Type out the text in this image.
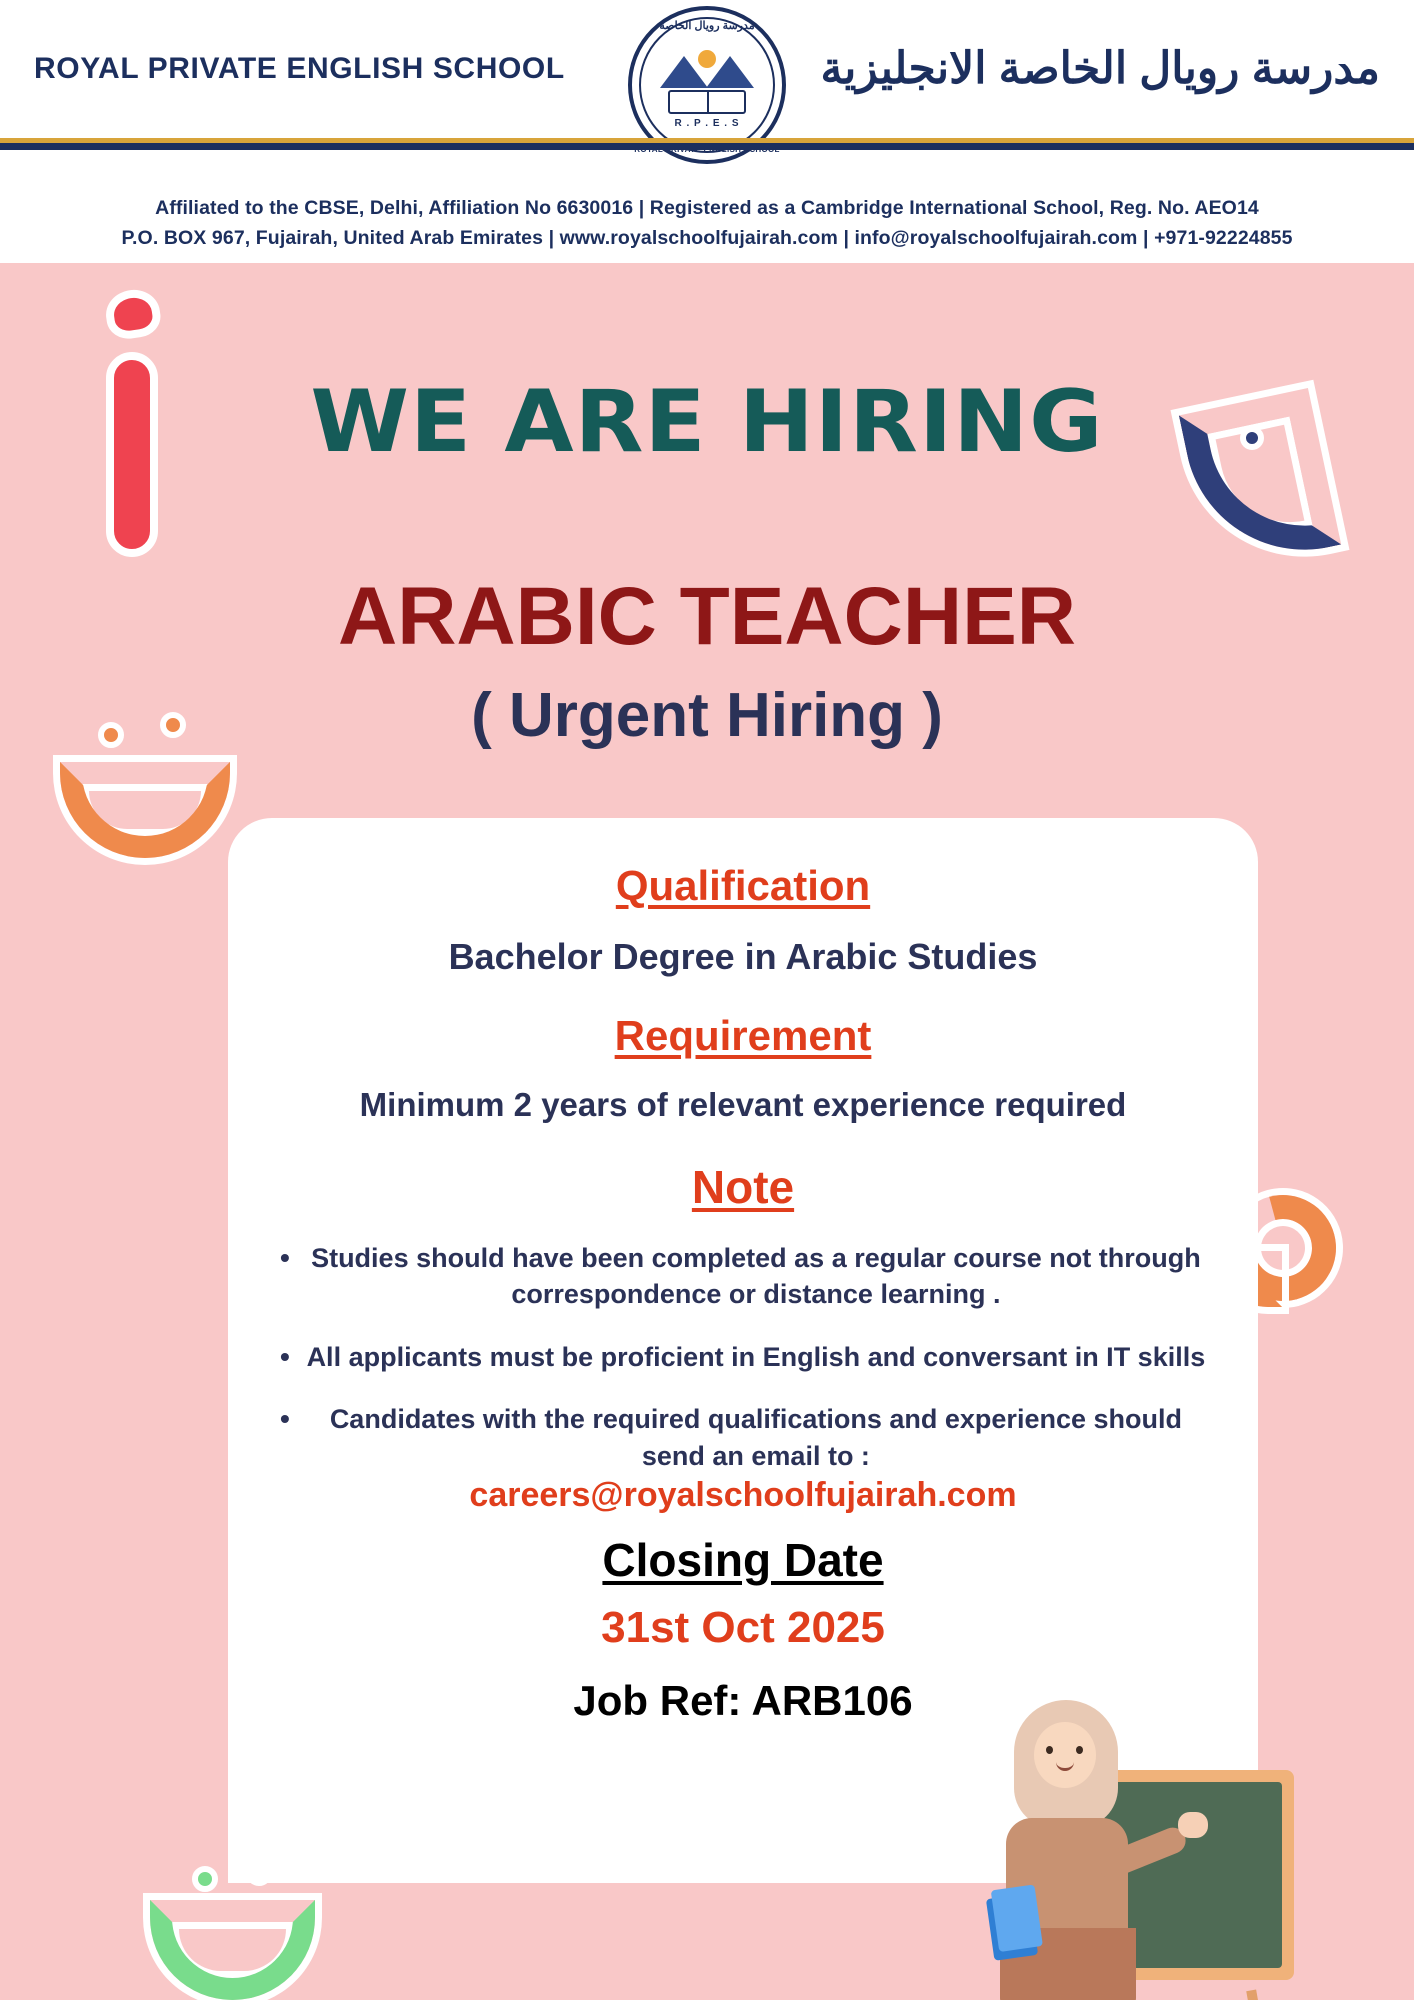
ROYAL PRIVATE ENGLISH SCHOOL
مدرسة رويال الخاصة
R . P . E . S
مدرسة رويال الخاصة الانجليزية
Affiliated to the CBSE, Delhi, Affiliation No 6630016 | Registered as a Cambridge International School, Reg. No. AEO14
P.O. BOX 967, Fujairah, United Arab Emirates | www.royalschoolfujairah.com | info@royalschoolfujairah.com | +971-92224855
WE ARE HIRING
ARABIC TEACHER
( Urgent Hiring )
Qualification
Bachelor Degree in Arabic Studies
Requirement
Minimum 2 years of relevant experience required
Note
• Studies should have been completed as a regular course not through correspondence or distance learning .
• All applicants must be proficient in English and conversant in IT skills
•	Candidates with the required qualifications and experience should send an email to :
careers@royalschoolfujairah.com
Closing Date
31st Oct 2025
Job Ref: ARB106
